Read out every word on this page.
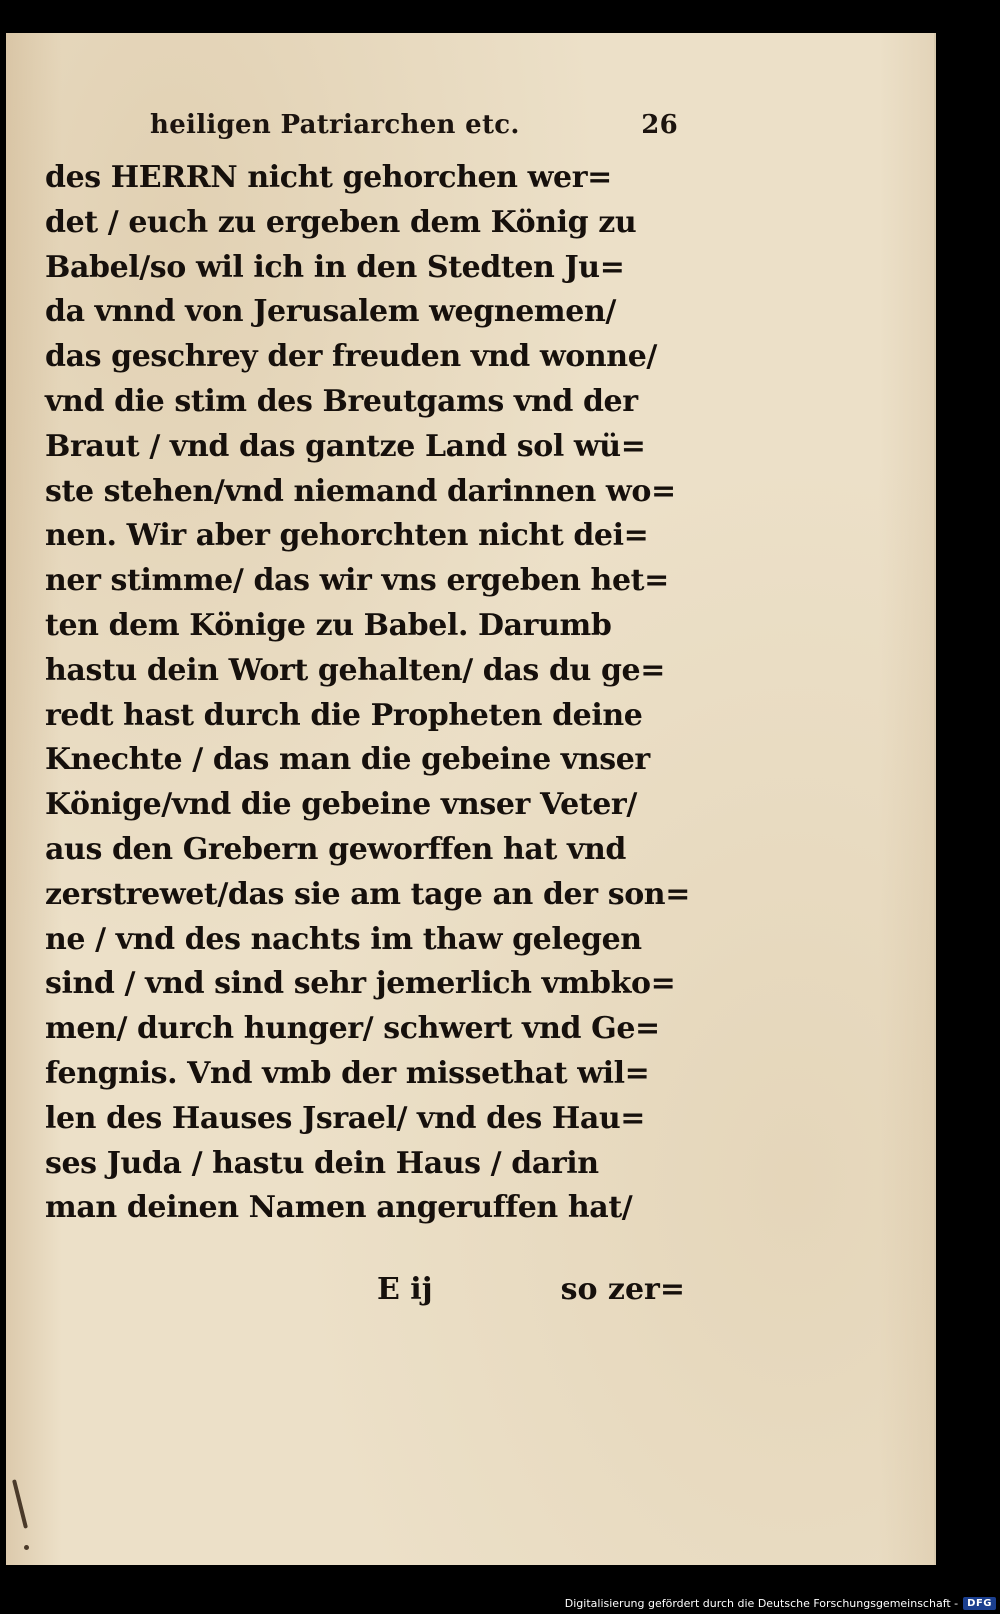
heiligen Patriarchen etc.	26
des HERRN nicht gehorchen wer=
det / euch zu ergeben dem König zu
Babel/so wil ich in den Stedten Ju=
da vnnd von Jerusalem wegnemen/
das geschrey der freuden vnd wonne/
vnd die stim des Breutgams vnd der
Braut / vnd das gantze Land sol wü=
ste stehen/vnd niemand darinnen wo=
nen. Wir aber gehorchten nicht dei=
ner stimme/ das wir vns ergeben het=
ten dem Könige zu Babel. Darumb
hastu dein Wort gehalten/ das du ge=
redt hast durch die Propheten deine
Knechte / das man die gebeine vnser
Könige/vnd die gebeine vnser Veter/
aus den Grebern geworffen hat vnd
zerstrewet/das sie am tage an der son=
ne / vnd des nachts im thaw gelegen
sind / vnd sind sehr jemerlich vmbko=
men/ durch hunger/ schwert vnd Ge=
fengnis. Vnd vmb der missethat wil=
len des Hauses Jsrael/ vnd des Hau=
ses Juda / hastu dein Haus / darin
man deinen Namen angeruffen hat/
E ij	so zer=
Digitalisierung gefördert durch die Deutsche Forschungsgemeinschaft - DFG
